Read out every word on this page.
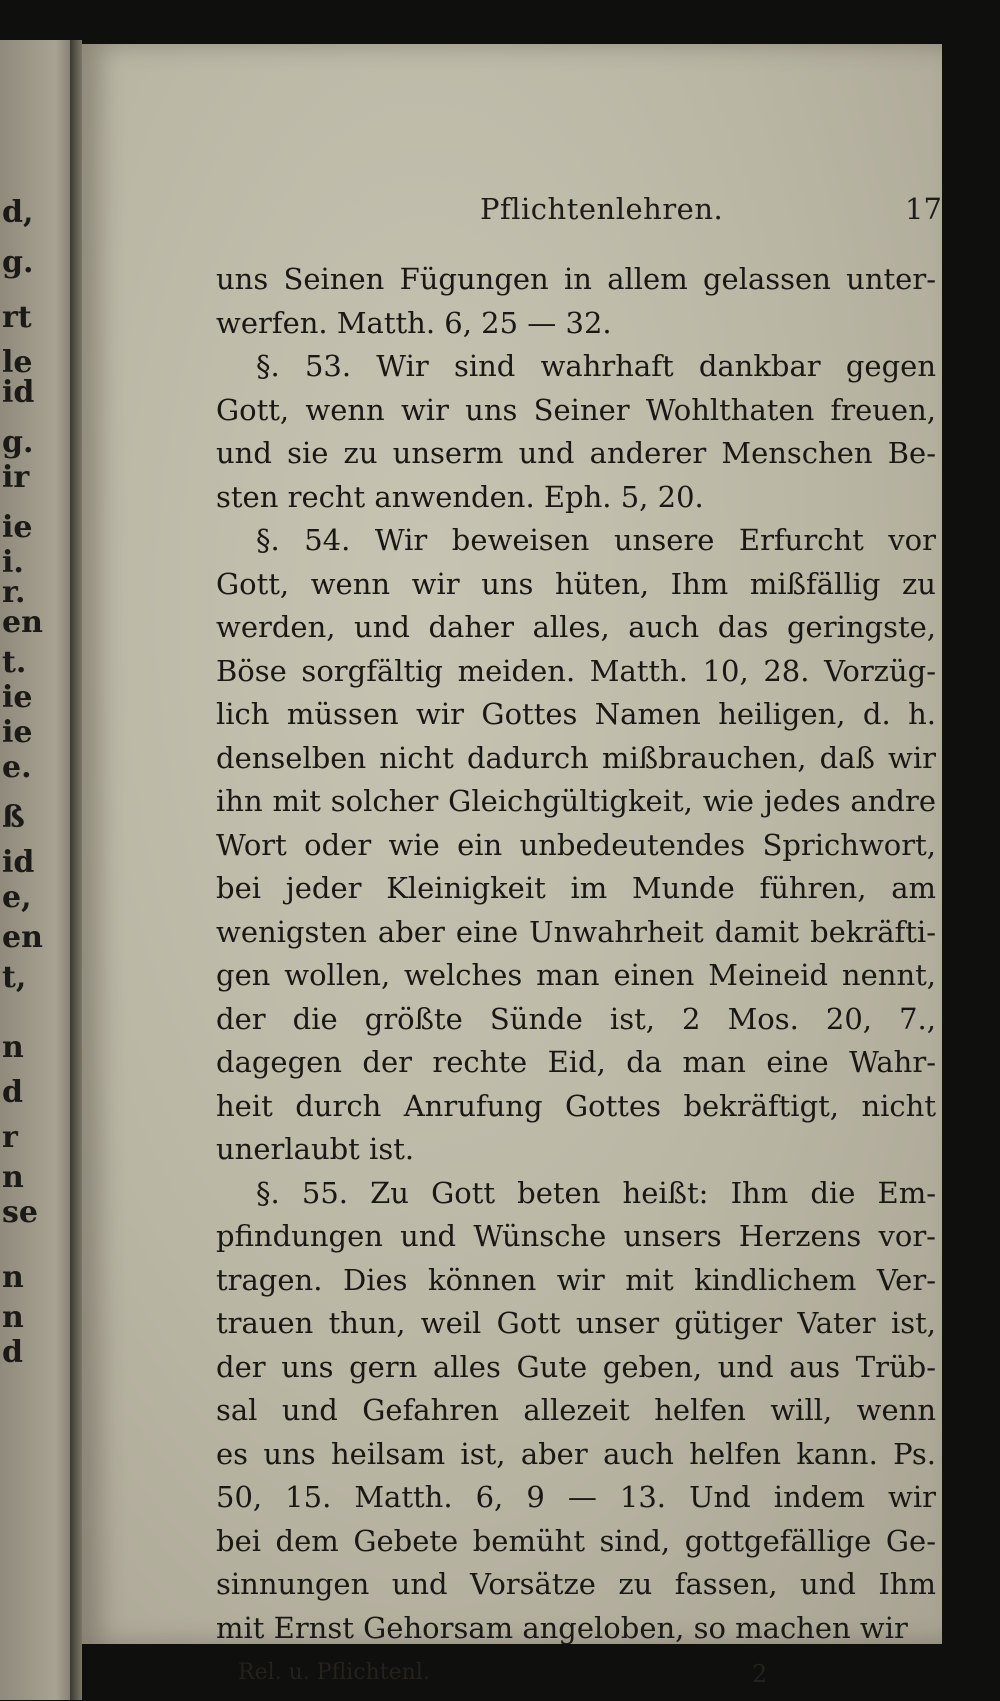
d,
g.
rt
le
id
g.
ir
ie
i.
r.
en
t.
ie
ie
e.
ß
id
e,
en
t,
n
d
r
n
se
n
n
d
Pflichtenlehren.	17
uns Seinen Fügungen in allem gelassen unter-
werfen. Matth. 6, 25 — 32.
§. 53. Wir sind wahrhaft dankbar gegen
Gott, wenn wir uns Seiner Wohlthaten freuen,
und sie zu unserm und anderer Menschen Be-
sten recht anwenden. Eph. 5, 20.
§. 54. Wir beweisen unsere Erfurcht vor
Gott, wenn wir uns hüten, Ihm mißfällig zu
werden, und daher alles, auch das geringste,
Böse sorgfältig meiden. Matth. 10, 28. Vorzüg-
lich müssen wir Gottes Namen heiligen, d. h.
denselben nicht dadurch mißbrauchen, daß wir
ihn mit solcher Gleichgültigkeit, wie jedes andre
Wort oder wie ein unbedeutendes Sprichwort,
bei jeder Kleinigkeit im Munde führen, am
wenigsten aber eine Unwahrheit damit bekräfti-
gen wollen, welches man einen Meineid nennt,
der die größte Sünde ist, 2 Mos. 20, 7.,
dagegen der rechte Eid, da man eine Wahr-
heit durch Anrufung Gottes bekräftigt, nicht
unerlaubt ist.
§. 55. Zu Gott beten heißt: Ihm die Em-
pfindungen und Wünsche unsers Herzens vor-
tragen. Dies können wir mit kindlichem Ver-
trauen thun, weil Gott unser gütiger Vater ist,
der uns gern alles Gute geben, und aus Trüb-
sal und Gefahren allezeit helfen will, wenn
es uns heilsam ist, aber auch helfen kann. Ps.
50, 15. Matth. 6, 9 — 13. Und indem wir
bei dem Gebete bemüht sind, gottgefällige Ge-
sinnungen und Vorsätze zu fassen, und Ihm
mit Ernst Gehorsam angeloben, so machen wir
Rel. u. Pflichtenl.	2
